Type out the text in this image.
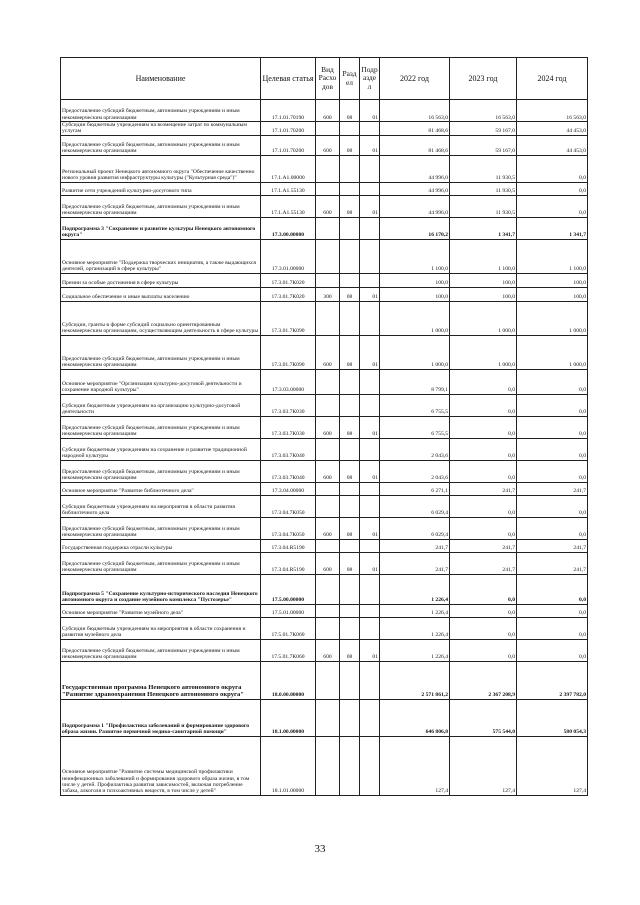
Наименование	Целевая статья	Вид Расхо дов	Разд ел	Подр азде л	2022 год	2023 год	2024 год
Предоставление субсидий бюджетным, автономным учреждениям и иным некоммерческим организациям	17.1.01.70190	600	08	01	16 563,0	16 563,0	16 563,0
Субсидии бюджетным учреждениям на возмещение затрат по коммунальным услугам	17.1.01.70200				81 468,6	59 167,0	44 453,0
Предоставление субсидий бюджетным, автономным учреждениям и иным некоммерческим организациям	17.1.01.70200	600	08	01	81 468,6	59 167,0	44 453,0
Региональный проект Ненецкого автономного округа "Обеспечение качественно нового уровня развития инфраструктуры культуры ("Культурная среда")"	17.1.А1.00000				44 996,0	11 930,5	0,0
Развитие сети учреждений культурно-досугового типа	17.1.А1.55130				44 996,0	11 930,5	0,0
Предоставление субсидий бюджетным, автономным учреждениям и иным некоммерческим организациям	17.1.А1.55130	600	08	01	44 996,0	11 930,5	0,0
Подпрограмма 3 "Сохранение и развитие культуры Ненецкого автономного округа"	17.3.00.00000				16 170,2	1 341,7	1 341,7
Основное мероприятие "Поддержка творческих инициатив, а также выдающихся деятелей, организаций в сфере культуры"	17.3.01.00000				1 100,0	1 100,0	1 100,0
Премии за особые достижения в сфере культуры	17.3.01.7К020				100,0	100,0	100,0
Социальное обеспечение и иные выплаты населению	17.3.01.7К020	300	08	01	100,0	100,0	100,0
Субсидии, гранты в форме субсидий социально ориентированным некоммерческим организациям, осуществляющим деятельность в сфере культуры	17.3.01.7К090				1 000,0	1 000,0	1 000,0
Предоставление субсидий бюджетным, автономным учреждениям и иным некоммерческим организациям	17.3.01.7К090	600	08	01	1 000,0	1 000,0	1 000,0
Основное мероприятие "Организация культурно-досуговой деятельности и сохранение народной культуры"	17.3.03.00000				8 799,1	0,0	0,0
Субсидии бюджетным учреждениям на организацию культурно-досуговой деятельности	17.3.03.7К030				6 755,5	0,0	0,0
Предоставление субсидий бюджетным, автономным учреждениям и иным некоммерческим организациям	17.3.03.7К030	600	08	01	6 755,5	0,0	0,0
Субсидии бюджетным учреждениям на сохранение и развитие традиционной народной культуры	17.3.03.7К040				2 043,6	0,0	0,0
Предоставление субсидий бюджетным, автономным учреждениям и иным некоммерческим организациям	17.3.03.7К040	600	08	01	2 043,6	0,0	0,0
Основное мероприятие "Развитие библиотечного дела"	17.3.04.00000				6 271,1	241,7	241,7
Субсидии бюджетным учреждениям на мероприятия в области развития библиотечного дела	17.3.04.7К050				6 029,4	0,0	0,0
Предоставление субсидий бюджетным, автономным учреждениям и иным некоммерческим организациям	17.3.04.7К050	600	08	01	6 029,4	0,0	0,0
Государственная поддержка отрасли культуры	17.3.04.R5190				241,7	241,7	241,7
Предоставление субсидий бюджетным, автономным учреждениям и иным некоммерческим организациям	17.3.04.R5190	600	08	01	241,7	241,7	241,7
Подпрограмма 5 "Сохранение культурно-исторического наследия Ненецкого автономного округа и создание музейного комплекса "Пустозерье"	17.5.00.00000				1 226,4	0,0	0,0
Основное мероприятие "Развитие музейного дела"	17.5.01.00000				1 226,4	0,0	0,0
Субсидии бюджетным учреждениям на мероприятия в области сохранения и развития музейного дела	17.5.01.7К060				1 226,4	0,0	0,0
Предоставление субсидий бюджетным, автономным учреждениям и иным некоммерческим организациям	17.5.01.7К060	600	08	01	1 226,4	0,0	0,0
Государственная программа Ненецкого автономного округа "Развитие здравоохранения Ненецкого автономного округа"	18.0.00.00000				2 571 861,2	2 367 208,9	2 397 782,0
Подпрограмма 1 "Профилактика заболеваний и формирование здорового образа жизни. Развитие первичной медико-санитарной помощи"	18.1.00.00000				646 806,8	575 544,0	580 054,3
Основное мероприятие "Развитие системы медицинской профилактики неинфекционных заболеваний и формирования здорового образа жизни, в том числе у детей. Профилактика развития зависимостей, включая потребление табака, алкоголя и психоактивных веществ, в том числе у детей"	18.1.01.00000				127,4	127,4	127,4
33
